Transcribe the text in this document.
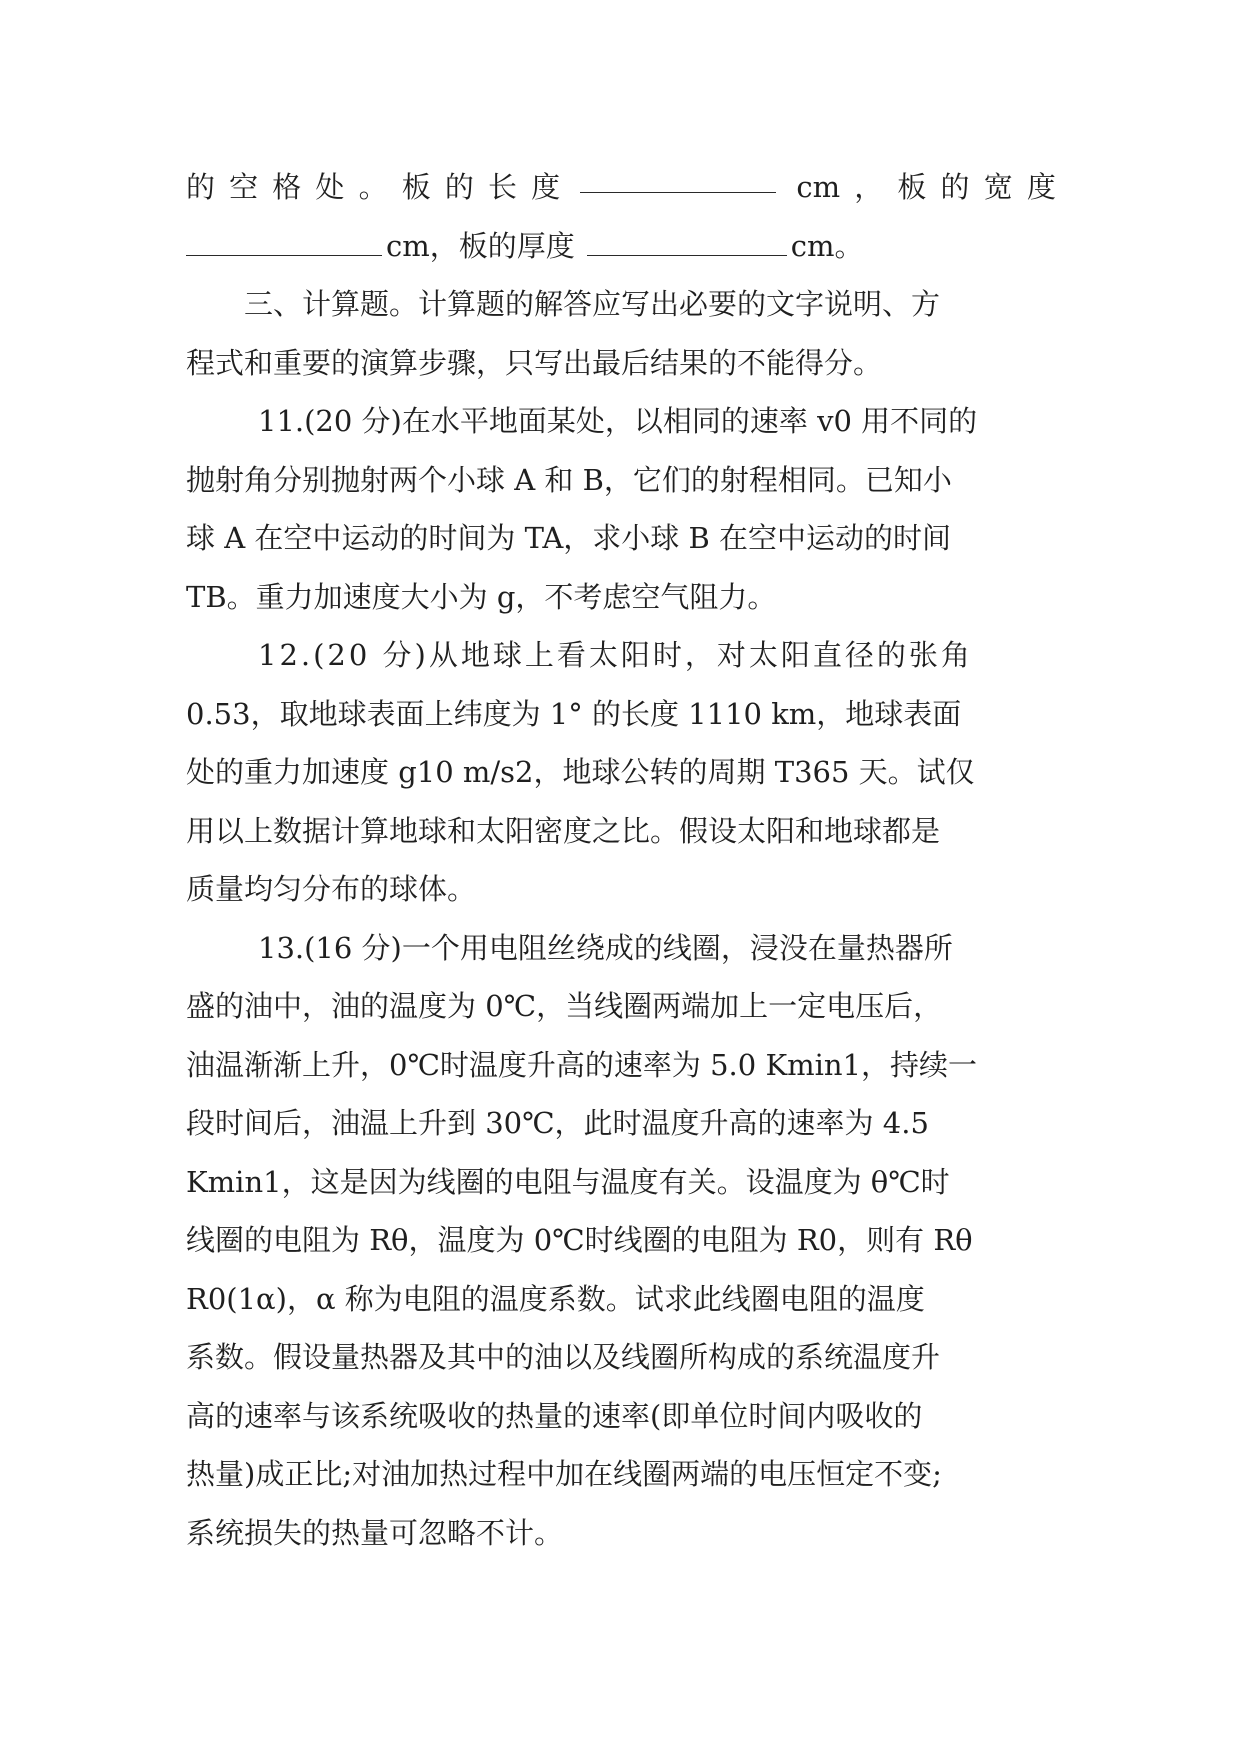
的 空 格 处 。 板 的 长 度	cm ， 板 的 宽 度
cm，板的厚度	cm。
三、计算题。计算题的解答应写出必要的文字说明、方
程式和重要的演算步骤，只写出最后结果的不能得分。
11.(20 分)在水平地面某处，以相同的速率 v0 用不同的
抛射角分别抛射两个小球 A 和 B，它们的射程相同。已知小
球 A 在空中运动的时间为 TA，求小球 B 在空中运动的时间
TB。重力加速度大小为 g，不考虑空气阻力。
12.(20 分)从地球上看太阳时，对太阳直径的张角
0.53，取地球表面上纬度为 1° 的长度 1110 km，地球表面
处的重力加速度 g10 m/s2，地球公转的周期 T365 天。试仅
用以上数据计算地球和太阳密度之比。假设太阳和地球都是
质量均匀分布的球体。
13.(16 分)一个用电阻丝绕成的线圈，浸没在量热器所
盛的油中，油的温度为 0℃，当线圈两端加上一定电压后，
油温渐渐上升，0℃时温度升高的速率为 5.0 Kmin1，持续一
段时间后，油温上升到 30℃，此时温度升高的速率为 4.5
Kmin1，这是因为线圈的电阻与温度有关。设温度为 θ℃时
线圈的电阻为 Rθ，温度为 0℃时线圈的电阻为 R0，则有 Rθ
R0(1α)，α 称为电阻的温度系数。试求此线圈电阻的温度
系数。假设量热器及其中的油以及线圈所构成的系统温度升
高的速率与该系统吸收的热量的速率(即单位时间内吸收的
热量)成正比;对油加热过程中加在线圈两端的电压恒定不变;
系统损失的热量可忽略不计。
